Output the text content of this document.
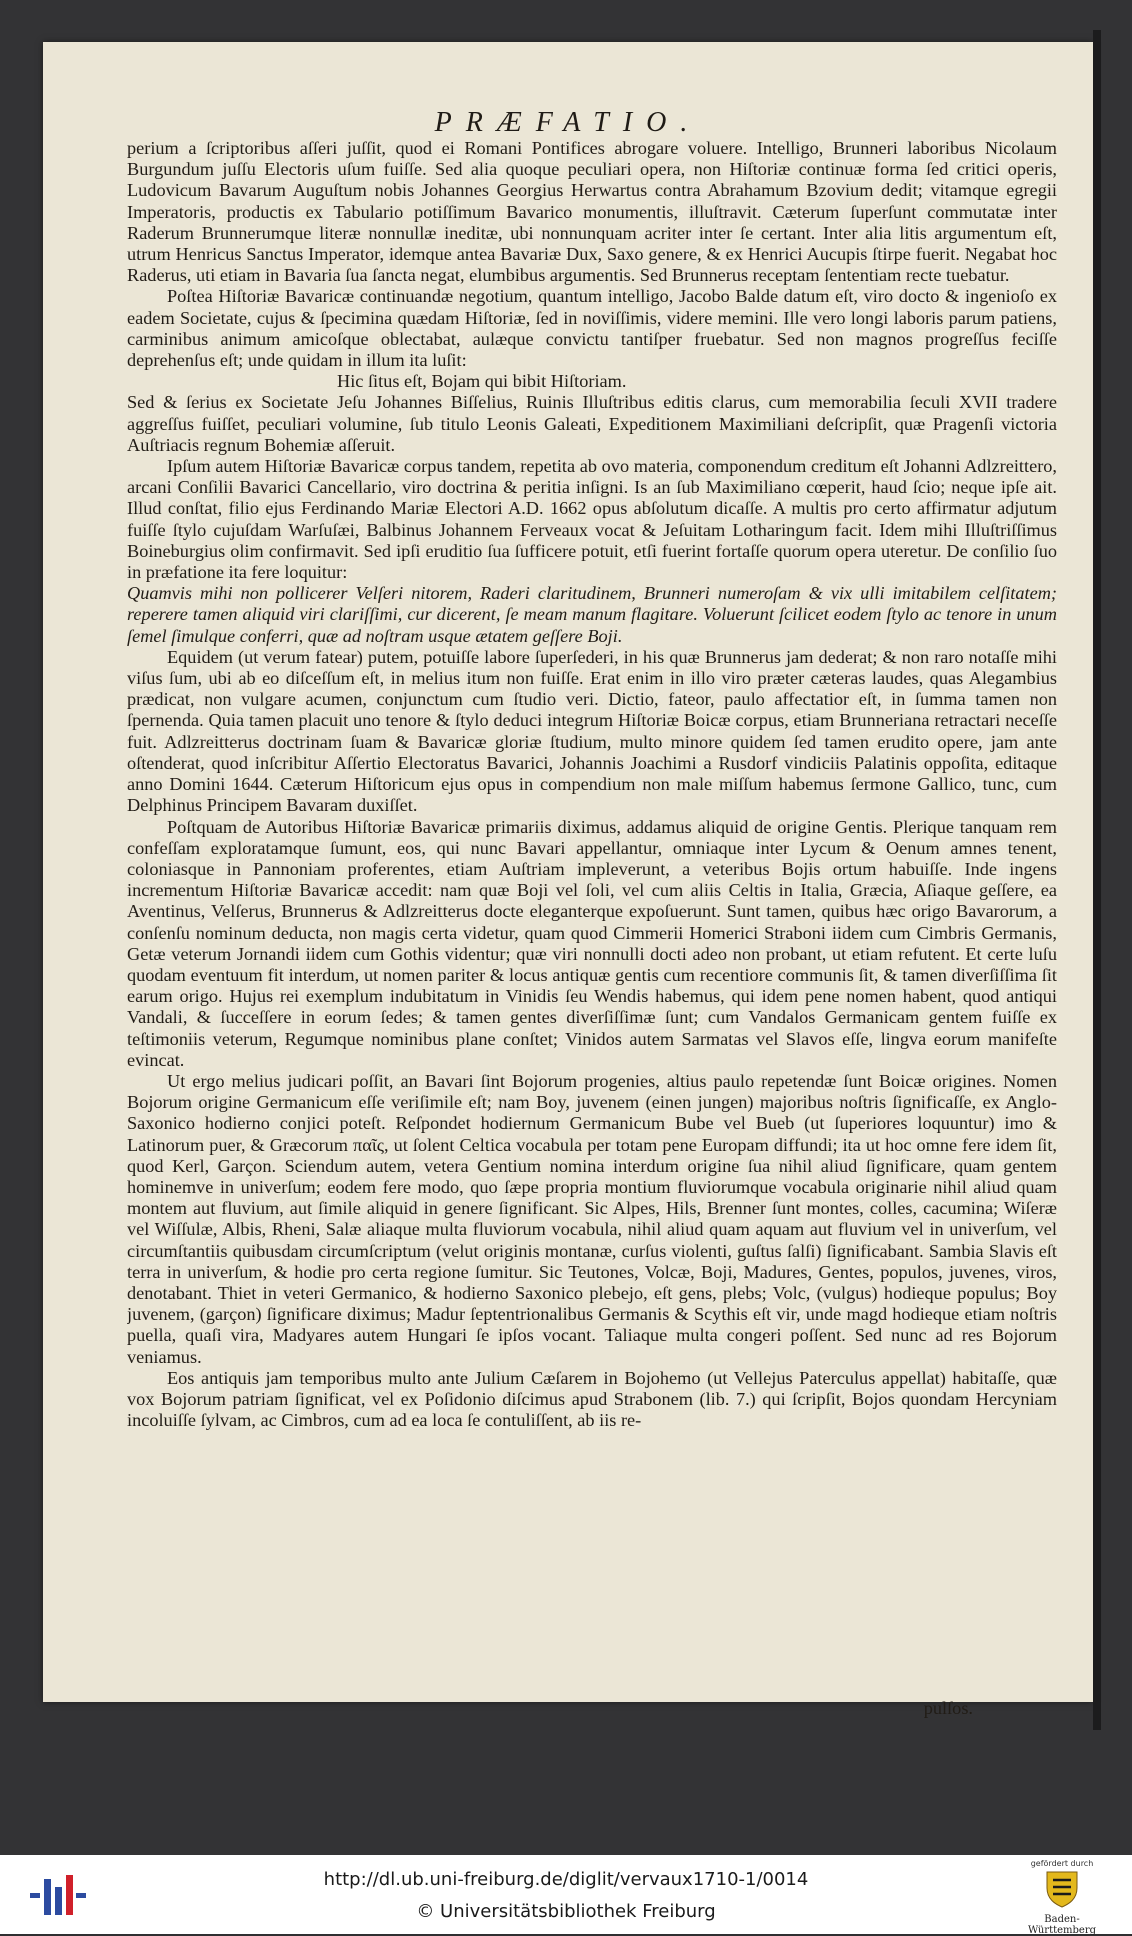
PRÆFATIO.

perium a ſcriptoribus aſſeri juſſit, quod ei Romani Pontifices abrogare voluere. Intelligo, Brunneri laboribus Nicolaum Burgundum juſſu Electoris uſum fuiſſe. Sed alia quoque peculiari opera, non Hiſtoriæ continuæ forma ſed critici operis, Ludovicum Bavarum Auguſtum nobis Johannes Georgius Herwartus contra Abrahamum Bzovium dedit; vitamque egregii Imperatoris, productis ex Tabulario potiſſimum Bavarico monumentis, illuſtravit. Cæterum ſuperſunt commutatæ inter Raderum Brunnerumque literæ nonnullæ ineditæ, ubi nonnunquam acriter inter ſe certant. Inter alia litis argumentum eſt, utrum Henricus Sanctus Imperator, idemque antea Bavariæ Dux, Saxo genere, & ex Henrici Aucupis ſtirpe fuerit. Negabat hoc Raderus, uti etiam in Bavaria ſua ſancta negat, elumbibus argumentis. Sed Brunnerus receptam ſententiam recte tuebatur.

Poſtea Hiſtoriæ Bavaricæ continuandæ negotium, quantum intelligo, Jacobo Balde datum eſt, viro docto & ingenioſo ex eadem Societate, cujus & ſpecimina quædam Hiſtoriæ, ſed in noviſſimis, videre memini. Ille vero longi laboris parum patiens, carminibus animum amicoſque oblectabat, aulæque convictu tantiſper fruebatur. Sed non magnos progreſſus feciſſe deprehenſus eſt; unde quidam in illum ita luſit:

Hic ſitus eſt, Bojam qui bibit Hiſtoriam.

Sed & ſerius ex Societate Jeſu Johannes Biſſelius, Ruinis Illuſtribus editis clarus, cum memorabilia ſeculi XVII tradere aggreſſus fuiſſet, peculiari volumine, ſub titulo Leonis Galeati, Expeditionem Maximiliani deſcripſit, quæ Pragenſi victoria Auſtriacis regnum Bohemiæ aſſeruit.

Ipſum autem Hiſtoriæ Bavaricæ corpus tandem, repetita ab ovo materia, componendum creditum eſt Johanni Adlzreittero, arcani Conſilii Bavarici Cancellario, viro doctrina & peritia inſigni. Is an ſub Maximiliano cœperit, haud ſcio; neque ipſe ait. Illud conſtat, filio ejus Ferdinando Mariæ Electori A.D. 1662 opus abſolutum dicaſſe. A multis pro certo affirmatur adjutum fuiſſe ſtylo cujuſdam Warſuſæi, Balbinus Johannem Ferveaux vocat & Jeſuitam Lotharingum facit. Idem mihi Illuſtriſſimus Boineburgius olim confirmavit. Sed ipſi eruditio ſua ſufficere potuit, etſi fuerint fortaſſe quorum opera uteretur. De conſilio ſuo in præfatione ita fere loquitur:

Quamvis mihi non pollicerer Velſeri nitorem, Raderi claritudinem, Brunneri numeroſam & vix ulli imitabilem celſitatem; reperere tamen aliquid viri clariſſimi, cur dicerent, ſe meam manum flagitare. Voluerunt ſcilicet eodem ſtylo ac tenore in unum ſemel ſimulque conferri, quæ ad noſtram usque ætatem geſſere Boji.

Equidem (ut verum fatear) putem, potuiſſe labore ſuperſederi, in his quæ Brunnerus jam dederat; & non raro notaſſe mihi viſus ſum, ubi ab eo diſceſſum eſt, in melius itum non fuiſſe. Erat enim in illo viro præter cæteras laudes, quas Alegambius prædicat, non vulgare acumen, conjunctum cum ſtudio veri. Dictio, fateor, paulo affectatior eſt, in ſumma tamen non ſpernenda. Quia tamen placuit uno tenore & ſtylo deduci integrum Hiſtoriæ Boicæ corpus, etiam Brunneriana retractari neceſſe fuit. Adlzreitterus doctrinam ſuam & Bavaricæ gloriæ ſtudium, multo minore quidem ſed tamen erudito opere, jam ante oſtenderat, quod inſcribitur Aſſertio Electoratus Bavarici, Johannis Joachimi a Rusdorf vindiciis Palatinis oppoſita, editaque anno Domini 1644. Cæterum Hiſtoricum ejus opus in compendium non male miſſum habemus ſermone Gallico, tunc, cum Delphinus Principem Bavaram duxiſſet.

Poſtquam de Autoribus Hiſtoriæ Bavaricæ primariis diximus, addamus aliquid de origine Gentis. Plerique tanquam rem confeſſam exploratamque ſumunt, eos, qui nunc Bavari appellantur, omniaque inter Lycum & Oenum amnes tenent, coloniasque in Pannoniam proferentes, etiam Auſtriam impleverunt, a veteribus Bojis ortum habuiſſe. Inde ingens incrementum Hiſtoriæ Bavaricæ accedit: nam quæ Boji vel ſoli, vel cum aliis Celtis in Italia, Græcia, Aſiaque geſſere, ea Aventinus, Velſerus, Brunnerus & Adlzreitterus docte eleganterque expoſuerunt. Sunt tamen, quibus hæc origo Bavarorum, a conſenſu nominum deducta, non magis certa videtur, quam quod Cimmerii Homerici Straboni iidem cum Cimbris Germanis, Getæ veterum Jornandi iidem cum Gothis videntur; quæ viri nonnulli docti adeo non probant, ut etiam refutent. Et certe luſu quodam eventuum fit interdum, ut nomen pariter & locus antiquæ gentis cum recentiore communis ſit, & tamen diverſiſſima ſit earum origo. Hujus rei exemplum indubitatum in Vinidis ſeu Wendis habemus, qui idem pene nomen habent, quod antiqui Vandali, & ſucceſſere in eorum ſedes; & tamen gentes diverſiſſimæ ſunt; cum Vandalos Germanicam gentem fuiſſe ex teſtimoniis veterum, Regumque nominibus plane conſtet; Vinidos autem Sarmatas vel Slavos eſſe, lingva eorum manifeſte evincat.

Ut ergo melius judicari poſſit, an Bavari ſint Bojorum progenies, altius paulo repetendæ ſunt Boicæ origines. Nomen Bojorum origine Germanicum eſſe veriſimile eſt; nam Boy, juvenem (einen jungen) majoribus noſtris ſignificaſſe, ex Anglo-Saxonico hodierno conjici poteſt. Reſpondet hodiernum Germanicum Bube vel Bueb (ut ſuperiores loquuntur) imo & Latinorum puer, & Græcorum παῖς, ut ſolent Celtica vocabula per totam pene Europam diffundi; ita ut hoc omne fere idem ſit, quod Kerl, Garçon. Sciendum autem, vetera Gentium nomina interdum origine ſua nihil aliud ſignificare, quam gentem hominemve in univerſum; eodem fere modo, quo ſæpe propria montium fluviorumque vocabula originarie nihil aliud quam montem aut fluvium, aut ſimile aliquid in genere ſignificant. Sic Alpes, Hils, Brenner ſunt montes, colles, cacumina; Wiſeræ vel Wiſſulæ, Albis, Rheni, Salæ aliaque multa fluviorum vocabula, nihil aliud quam aquam aut fluvium vel in univerſum, vel circumſtantiis quibusdam circumſcriptum (velut originis montanæ, curſus violenti, guſtus ſalſi) ſignificabant. Sambia Slavis eſt terra in univerſum, & hodie pro certa regione ſumitur. Sic Teutones, Volcæ, Boji, Madures, Gentes, populos, juvenes, viros, denotabant. Thiet in veteri Germanico, & hodierno Saxonico plebejo, eſt gens, plebs; Volc, (vulgus) hodieque populus; Boy juvenem, (garçon) ſignificare diximus; Madur ſeptentrionalibus Germanis & Scythis eſt vir, unde magd hodieque etiam noſtris puella, quaſi vira, Madyares autem Hungari ſe ipſos vocant. Taliaque multa congeri poſſent. Sed nunc ad res Bojorum veniamus.

Eos antiquis jam temporibus multo ante Julium Cæſarem in Bojohemo (ut Vellejus Paterculus appellat) habitaſſe, quæ vox Bojorum patriam ſignificat, vel ex Poſidonio diſcimus apud Strabonem (lib. 7.) qui ſcripſit, Bojos quondam Hercyniam incoluiſſe ſylvam, ac Cimbros, cum ad ea loca ſe contuliſſent, ab iis re-

pulſos.
http://dl.ub.uni-freiburg.de/diglit/vervaux1710-1/0014
© Universitätsbibliothek Freiburg
gefördert durch
Baden-Württemberg
